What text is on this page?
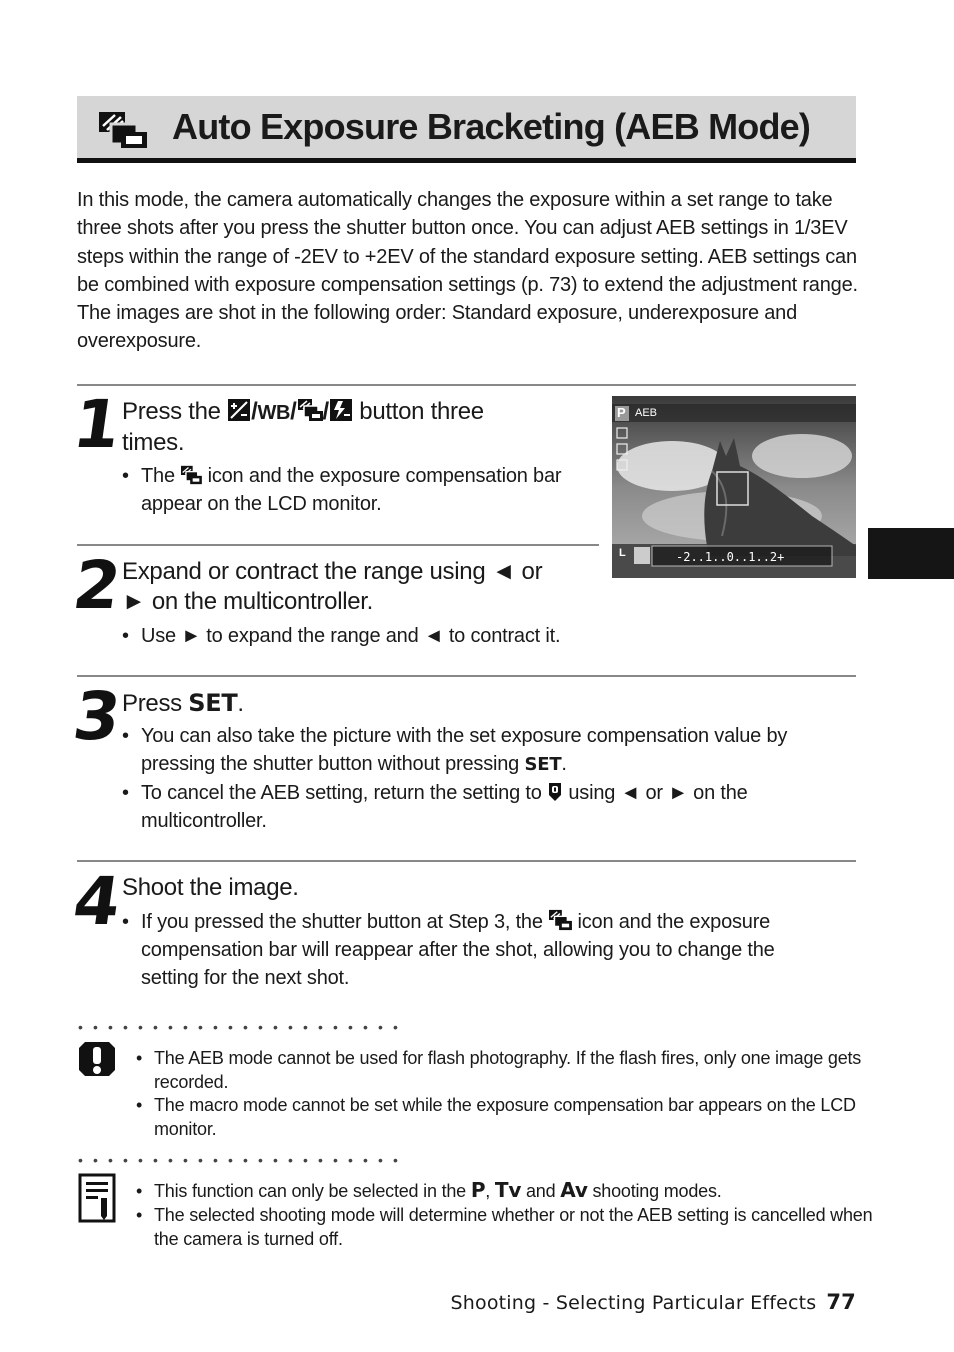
Auto Exposure Bracketing (AEB Mode)
In this mode, the camera automatically changes the exposure within a set range to take three shots after you press the shutter button once. You can adjust AEB settings in 1/3EV steps within the range of -2EV to +2EV of the standard exposure setting. AEB settings can be combined with exposure compensation settings (p. 73) to extend the adjustment range. The images are shot in the following order: Standard exposure, underexposure and overexposure.
1 Press the /WB/ / button three
times.
• The icon and the exposure compensation bar
appear on the LCD monitor.
P AEB
L	-2..1..0..1..2+
2 Expand or contract the range using ◄ or
► on the multicontroller.
• Use ► to expand the range and ◄ to contract it.
3 Press SET.
• You can also take the picture with the set exposure compensation value by
pressing the shutter button without pressing SET.
• To cancel the AEB setting, return the setting to using ◄ or ► on the
multicontroller.
4 Shoot the image.
• If you pressed the shutter button at Step 3, the icon and the exposure
compensation bar will reappear after the shot, allowing you to change the
setting for the next shot.
••••••••••••••••••••••
• The AEB mode cannot be used for flash photography. If the flash fires, only one image gets recorded.
• The macro mode cannot be set while the exposure compensation bar appears on the LCD monitor.
••••••••••••••••••••••
• This function can only be selected in the P, Tv and Av shooting modes.
• The selected shooting mode will determine whether or not the AEB setting is cancelled when the camera is turned off.
Shooting - Selecting Particular Effects 77
